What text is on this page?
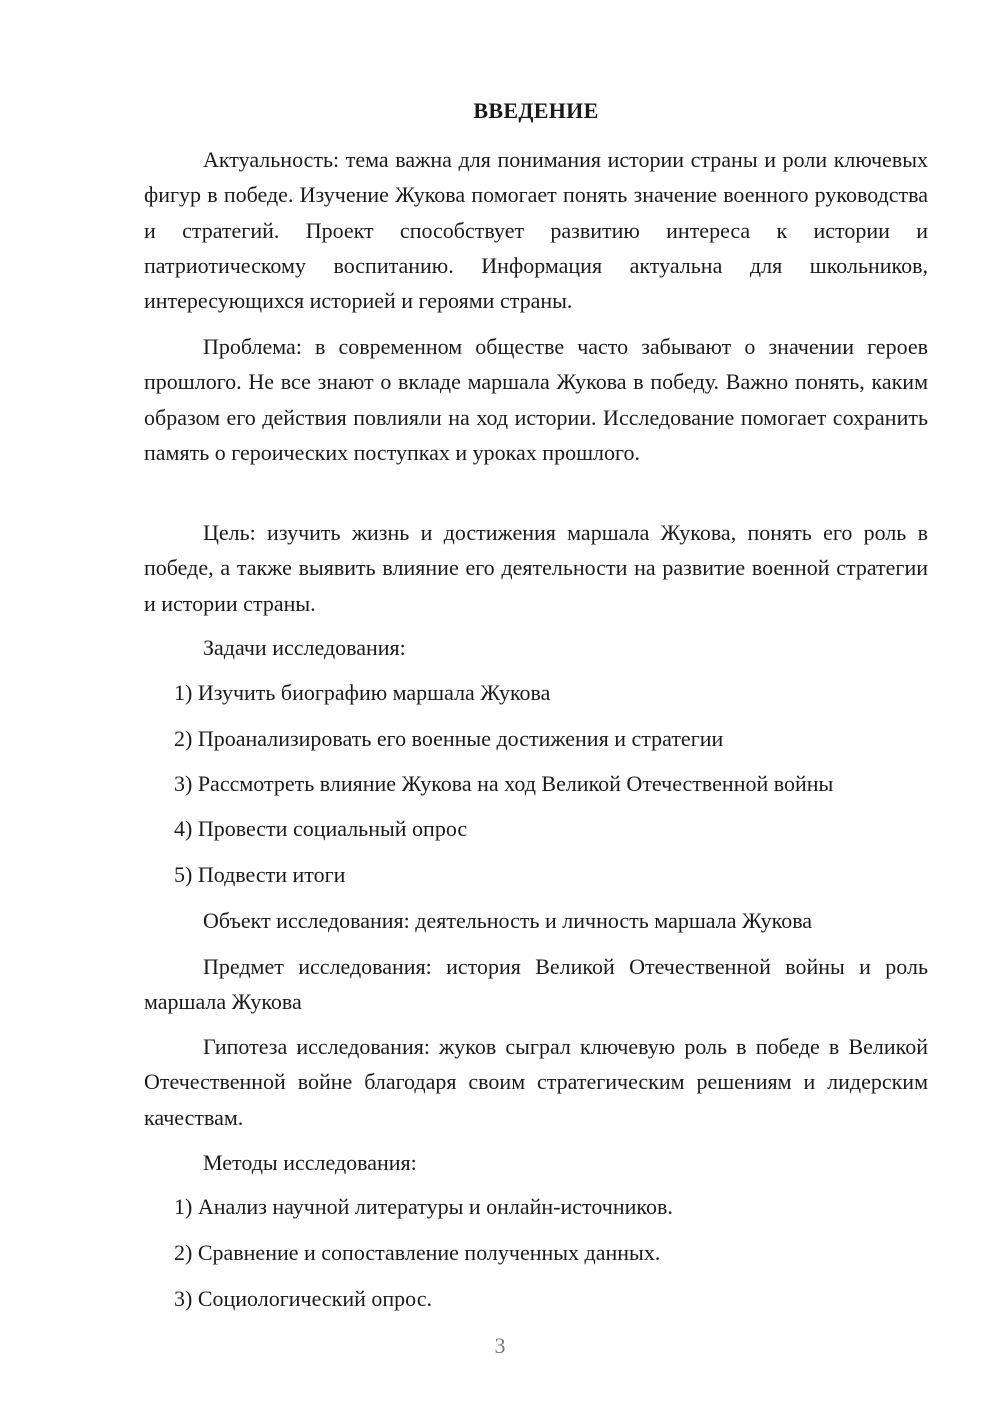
ВВЕДЕНИЕ

Актуальность: тема важна для понимания истории страны и роли ключевых фигур в победе. Изучение Жукова помогает понять значение военного руководства и стратегий. Проект способствует развитию интереса к истории и патриотическому воспитанию. Информация актуальна для школьников, интересующихся историей и героями страны.

Проблема: в современном обществе часто забывают о значении героев прошлого. Не все знают о вкладе маршала Жукова в победу. Важно понять, каким образом его действия повлияли на ход истории. Исследование помогает сохранить память о героических поступках и уроках прошлого.

Цель: изучить жизнь и достижения маршала Жукова, понять его роль в победе, а также выявить влияние его деятельности на развитие военной стратегии и истории страны.

Задачи исследования:

1) Изучить биографию маршала Жукова
2) Проанализировать его военные достижения и стратегии
3) Рассмотреть влияние Жукова на ход Великой Отечественной войны
4) Провести социальный опрос
5) Подвести итоги

Объект исследования: деятельность и личность маршала Жукова

Предмет исследования: история Великой Отечественной войны и роль маршала Жукова

Гипотеза исследования: жуков сыграл ключевую роль в победе в Великой Отечественной войне благодаря своим стратегическим решениям и лидерским качествам.

Методы исследования:

1) Анализ научной литературы и онлайн-источников.
2) Сравнение и сопоставление полученных данных.
3) Социологический опрос.
3
